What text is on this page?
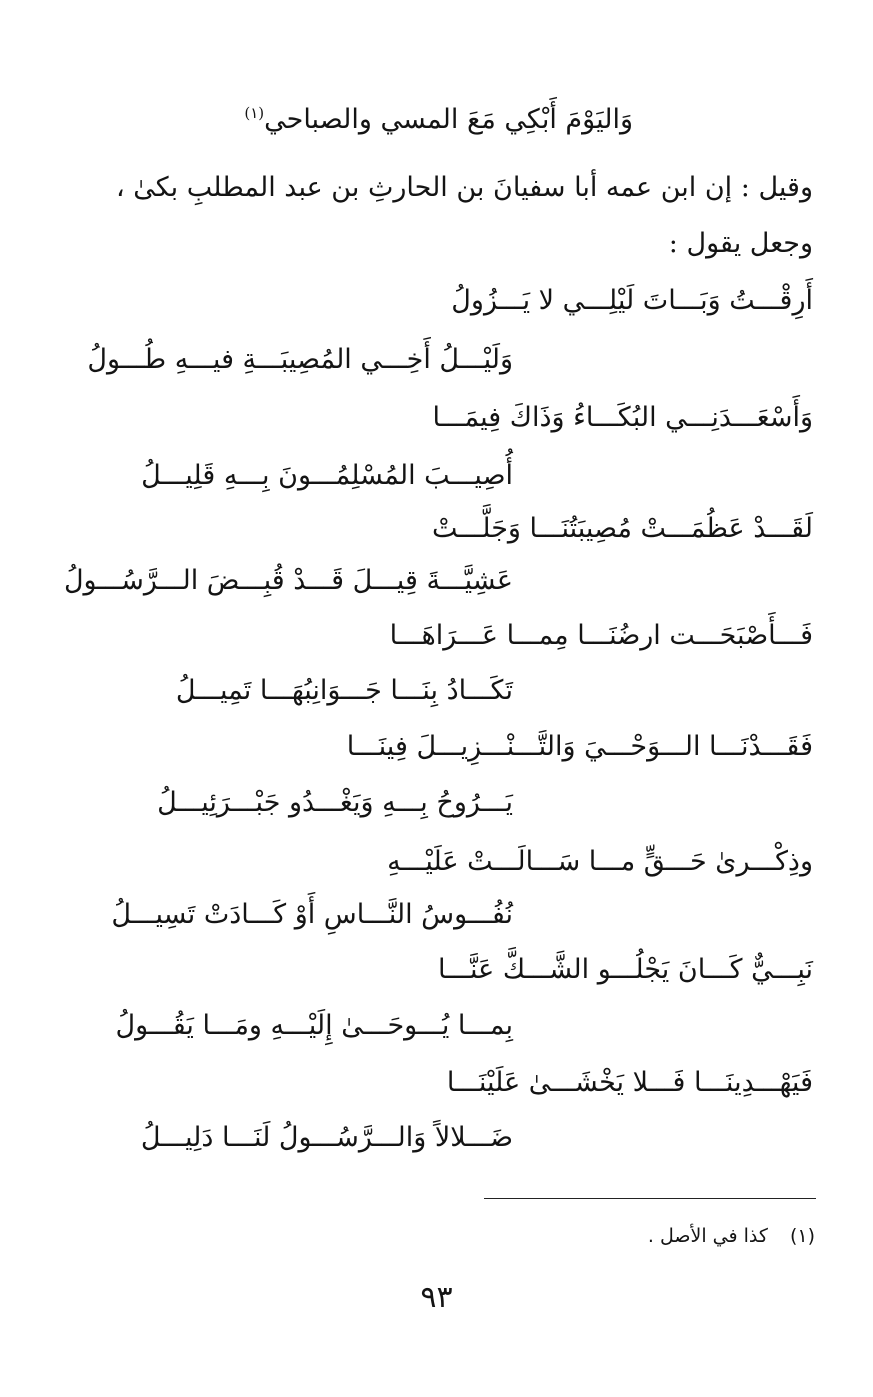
وَاليَوْمَ أَبْكِي مَعَ المسي والصباحي$^{(١)}$
وقيل : إن ابن عمه أبا سفيانَ بن الحارثِ بن عبد المطلبِ بكىٰ ،
وجعل يقول :
أَرِقْـــتُ وَبَـــاتَ لَيْلِـــي لا يَـــزُولُ
وَلَيْـــلُ أَخِـــي المُصِيبَـــةِ فيـــهِ طُـــولُ
وَأَسْعَـــدَنِـــي البُكَـــاءُ وَذَاكَ فِيمَـــا
أُصِيـــبَ المُسْلِمُـــونَ بِـــهِ قَلِيـــلُ
لَقَـــدْ عَظُمَـــتْ مُصِيبَتُنَـــا وَجَلَّـــتْ
عَشِيَّـــةَ قِيـــلَ قَـــدْ قُبِـــضَ الـــرَّسُـــولُ
فَـــأَصْبَحَـــت ارضُنَـــا مِمـــا عَـــرَاهَـــا
تَكَـــادُ بِنَـــا جَـــوَانِبُهَـــا تَمِيـــلُ
فَقَـــدْنَـــا الـــوَحْـــيَ وَالتَّـــنْـــزِيـــلَ فِينَـــا
يَـــرُوحُ بِـــهِ وَيَغْـــدُو جَبْـــرَئِيـــلُ
وذِكْـــرىٰ حَـــقٍّ مـــا سَـــالَـــتْ عَلَيْـــهِ
نُفُـــوسُ النَّـــاسِ أَوْ كَـــادَتْ تَسِيـــلُ
نَبِـــيٌّ كَـــانَ يَجْلُـــو الشَّـــكَّ عَنَّـــا
بِمـــا يُـــوحَـــىٰ إِلَيْـــهِ ومَـــا يَقُـــولُ
فَيَهْـــدِينَـــا فَـــلا يَخْشَـــىٰ عَلَيْنَـــا
ضَـــلالاً وَالـــرَّسُـــولُ لَنَـــا دَلِيـــلُ
(١)كذا في الأصل .
٩٣
